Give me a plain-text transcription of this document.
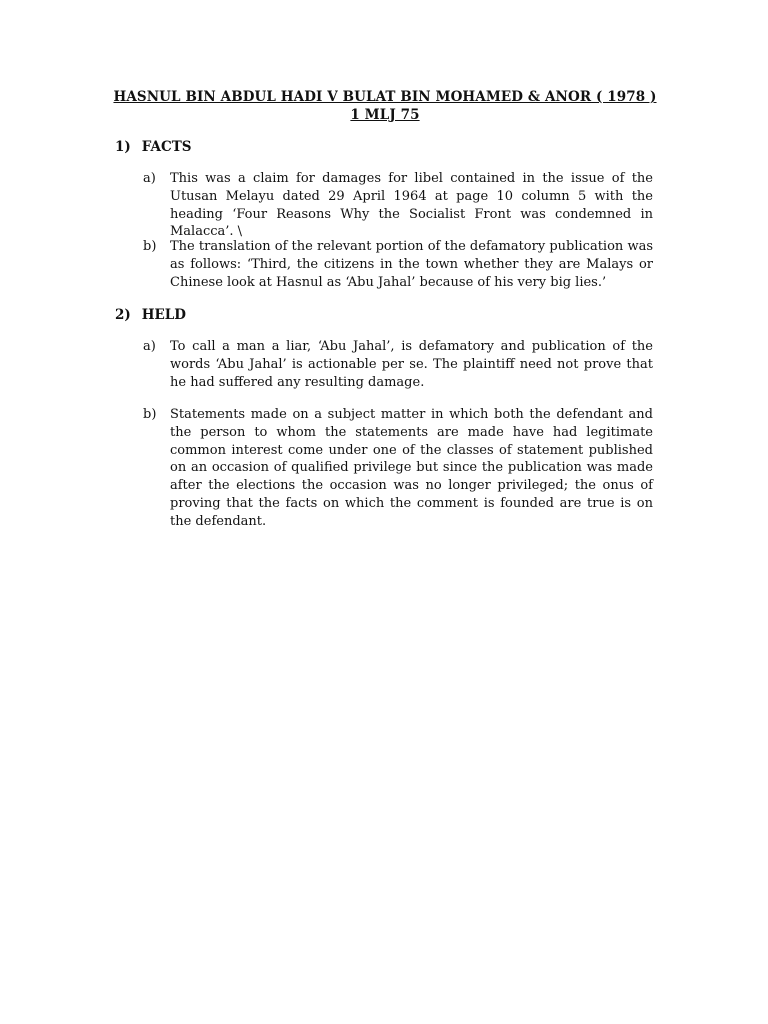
HASNUL BIN ABDUL HADI V BULAT BIN MOHAMED & ANOR ( 1978 ) 1 MLJ 75
1) FACTS
a)	This was a claim for damages for libel contained in the issue of the Utusan Melayu dated 29 April 1964 at page 10 column 5 with the heading ‘Four Reasons Why the Socialist Front was condemned in Malacca’. \
b)	The translation of the relevant portion of the defamatory publication was as follows: ‘Third, the citizens in the town whether they are Malays or Chinese look at Hasnul as ‘Abu Jahal’ because of his very big lies.’
2) HELD
a)	To call a man a liar, ‘Abu Jahal’, is defamatory and publication of the words ‘Abu Jahal’ is actionable per se. The plaintiff need not prove that he had suffered any resulting damage.
b)	Statements made on a subject matter in which both the defendant and the person to whom the statements are made have had legitimate common interest come under one of the classes of statement published on an occasion of qualified privilege but since the publication was made after the elections the occasion was no longer privileged; the onus of proving that the facts on which the comment is founded are true is on the defendant.
